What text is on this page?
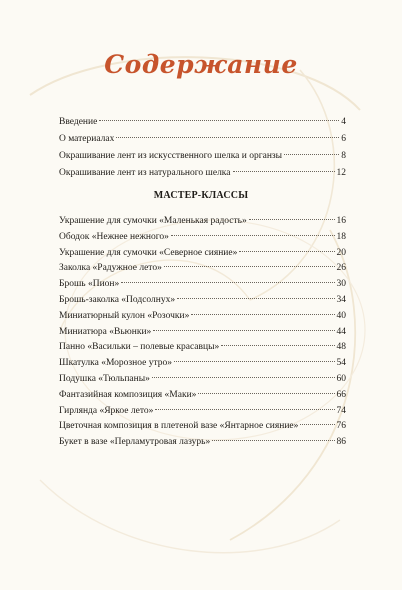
Содержание
Введение	4
О материалах	6
Окрашивание лент из искусственного шелка и органзы	8
Окрашивание лент из натурального шелка	12
МАСТЕР-КЛАССЫ
Украшение для сумочки «Маленькая радость»	16
Ободок «Нежнее нежного»	18
Украшение для сумочки «Северное сияние»	20
Заколка «Радужное лето»	26
Брошь «Пион»	30
Брошь-заколка «Подсолнух»	34
Миниатюрный кулон «Розочки»	40
Миниатюра «Вьюнки»	44
Панно «Васильки – полевые красавцы»	48
Шкатулка «Морозное утро»	54
Подушка «Тюльпаны»	60
Фантазийная композиция «Маки»	66
Гирлянда «Яркое лето»	74
Цветочная композиция в плетеной вазе «Янтарное сияние»	76
Букет в вазе «Перламутровая лазурь»	86
